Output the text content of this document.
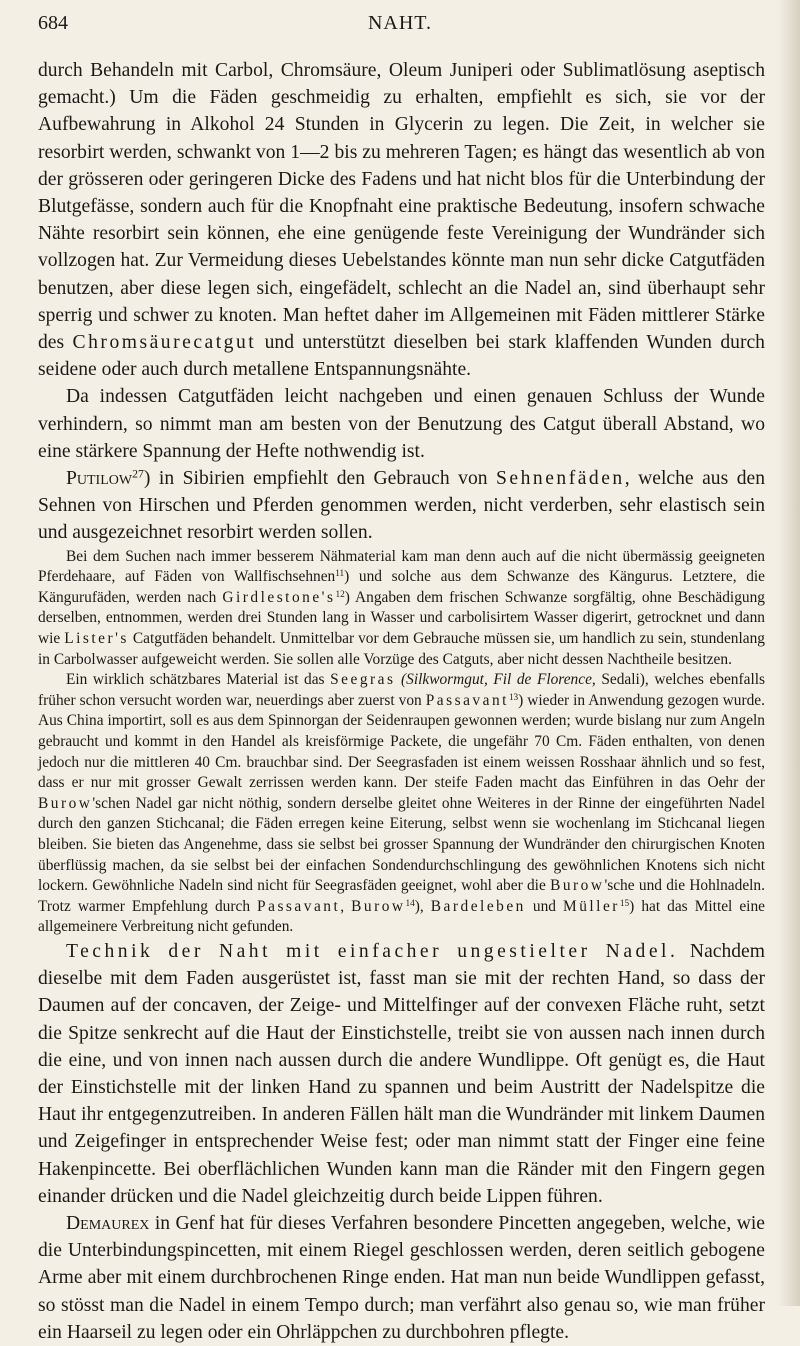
684	NAHT.

durch Behandeln mit Carbol, Chromsäure, Oleum Juniperi oder Sublimatlösung aseptisch gemacht.) Um die Fäden geschmeidig zu erhalten, empfiehlt es sich, sie vor der Aufbewahrung in Alkohol 24 Stunden in Glycerin zu legen. Die Zeit, in welcher sie resorbirt werden, schwankt von 1—2 bis zu mehreren Tagen; es hängt das wesentlich ab von der grösseren oder geringeren Dicke des Fadens und hat nicht blos für die Unterbindung der Blutgefässe, sondern auch für die Knopfnaht eine praktische Bedeutung, insofern schwache Nähte resorbirt sein können, ehe eine genügende feste Vereinigung der Wundränder sich vollzogen hat. Zur Vermeidung dieses Uebelstandes könnte man nun sehr dicke Catgutfäden benutzen, aber diese legen sich, eingefädelt, schlecht an die Nadel an, sind überhaupt sehr sperrig und schwer zu knoten. Man heftet daher im Allgemeinen mit Fäden mittlerer Stärke des Chromsäurecatgut und unterstützt dieselben bei stark klaffenden Wunden durch seidene oder auch durch metallene Entspannungsnähte.

Da indessen Catgutfäden leicht nachgeben und einen genauen Schluss der Wunde verhindern, so nimmt man am besten von der Benutzung des Catgut überall Abstand, wo eine stärkere Spannung der Hefte nothwendig ist.

Putilow$^{27}$) in Sibirien empfiehlt den Gebrauch von Sehnenfäden, welche aus den Sehnen von Hirschen und Pferden genommen werden, nicht verderben, sehr elastisch sein und ausgezeichnet resorbirt werden sollen.

Bei dem Suchen nach immer besserem Nähmaterial kam man denn auch auf die nicht übermässig geeigneten Pferdehaare, auf Fäden von Wallfischsehnen$^{11}$) und solche aus dem Schwanze des Kängurus. Letztere, die Kängurufäden, werden nach $Girdlestone's^{12}$) Angaben dem frischen Schwanze sorgfältig, ohne Beschädigung derselben, entnommen, werden drei Stunden lang in Wasser und carbolisirtem Wasser digerirt, getrocknet und dann wie Lister's Catgutfäden behandelt. Unmittelbar vor dem Gebrauche müssen sie, um handlich zu sein, stundenlang in Carbolwasser aufgeweicht werden. Sie sollen alle Vorzüge des Catguts, aber nicht dessen Nachtheile besitzen.

Ein wirklich schätzbares Material ist das Seegras (Silkwormgut, Fil de Florence, Sedali), welches ebenfalls früher schon versucht worden war, neuerdings aber zuerst von Passavant$^{13}$) wieder in Anwendung gezogen wurde. Aus China importirt, soll es aus dem Spinnorgan der Seidenraupen gewonnen werden; wurde bislang nur zum Angeln gebraucht und kommt in den Handel als kreisförmige Packete, die ungefähr 70 Cm. Fäden enthalten, von denen jedoch nur die mittleren 40 Cm. brauchbar sind. Der Seegrasfaden ist einem weissen Rosshaar ähnlich und so fest, dass er nur mit grosser Gewalt zerrissen werden kann. Der steife Faden macht das Einführen in das Oehr der Burow'schen Nadel gar nicht nöthig, sondern derselbe gleitet ohne Weiteres in der Rinne der eingeführten Nadel durch den ganzen Stichcanal; die Fäden erregen keine Eiterung, selbst wenn sie wochenlang im Stichcanal liegen bleiben. Sie bieten das Angenehme, dass sie selbst bei grosser Spannung der Wundränder den chirurgischen Knoten überflüssig machen, da sie selbst bei der einfachen Sondendurchschlingung des gewöhnlichen Knotens sich nicht lockern. Gewöhnliche Nadeln sind nicht für Seegrasfäden geeignet, wohl aber die Burow'sche und die Hohlnadeln. Trotz warmer Empfehlung durch Passavant, Burow$^{14}$), Bardeleben und Müller$^{15}$) hat das Mittel eine allgemeinere Verbreitung nicht gefunden.

Technik der Naht mit einfacher ungestielter Nadel. Nachdem dieselbe mit dem Faden ausgerüstet ist, fasst man sie mit der rechten Hand, so dass der Daumen auf der concaven, der Zeige- und Mittelfinger auf der convexen Fläche ruht, setzt die Spitze senkrecht auf die Haut der Einstichstelle, treibt sie von aussen nach innen durch die eine, und von innen nach aussen durch die andere Wundlippe. Oft genügt es, die Haut der Einstichstelle mit der linken Hand zu spannen und beim Austritt der Nadelspitze die Haut ihr entgegenzutreiben. In anderen Fällen hält man die Wundränder mit linkem Daumen und Zeigefinger in entsprechender Weise fest; oder man nimmt statt der Finger eine feine Hakenpincette. Bei oberflächlichen Wunden kann man die Ränder mit den Fingern gegen einander drücken und die Nadel gleichzeitig durch beide Lippen führen.

Demaurex in Genf hat für dieses Verfahren besondere Pincetten angegeben, welche, wie die Unterbindungspincetten, mit einem Riegel geschlossen werden, deren seitlich gebogene Arme aber mit einem durchbrochenen Ringe enden. Hat man nun beide Wundlippen gefasst, so stösst man die Nadel in einem Tempo durch; man verfährt also genau so, wie man früher ein Haarseil zu legen oder ein Ohrläppchen zu durchbohren pflegte.
